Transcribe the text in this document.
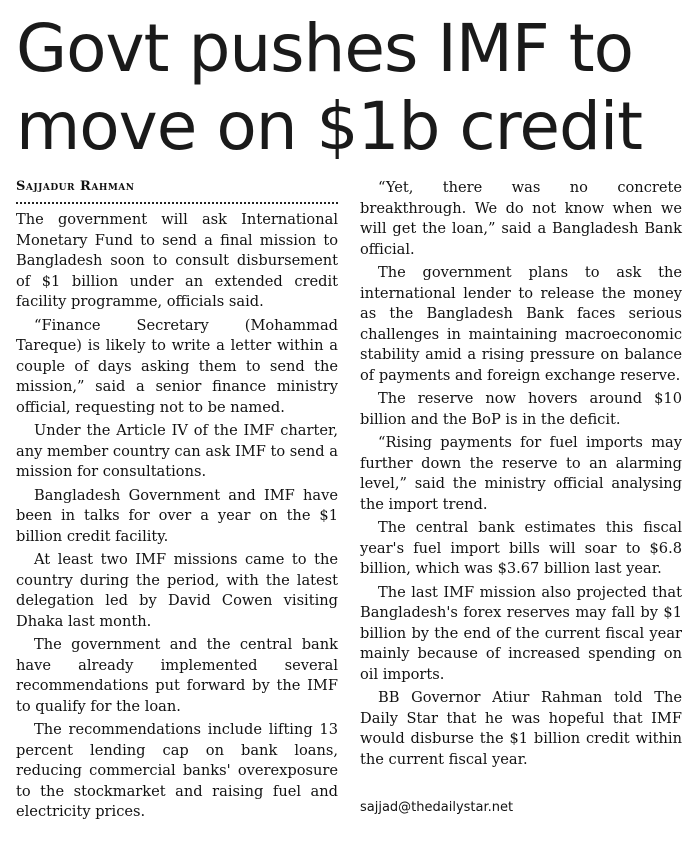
Govt pushes IMF to move on $1b credit
Sajjadur Rahman

The government will ask International Monetary Fund to send a final mission to Bangladesh soon to consult disbursement of $1 billion under an extended credit facility programme, officials said.

“Finance Secretary (Mohammad Tareque) is likely to write a letter within a couple of days asking them to send the mission,” said a senior finance ministry official, requesting not to be named.

Under the Article IV of the IMF charter, any member country can ask IMF to send a mission for consultations.

Bangladesh Government and IMF have been in talks for over a year on the $1 billion credit facility.

At least two IMF missions came to the country during the period, with the latest delegation led by David Cowen visiting Dhaka last month.

The government and the central bank have already implemented several recommendations put forward by the IMF to qualify for the loan.

The recommendations include lifting 13 percent lending cap on bank loans, reducing commercial banks' overexposure to the stockmarket and raising fuel and electricity prices.

“Yet, there was no concrete breakthrough. We do not know when we will get the loan,” said a Bangladesh Bank official.

The government plans to ask the international lender to release the money as the Bangladesh Bank faces serious challenges in maintaining macroeconomic stability amid a rising pressure on balance of payments and foreign exchange reserve.

The reserve now hovers around $10 billion and the BoP is in the deficit.

“Rising payments for fuel imports may further down the reserve to an alarming level,” said the ministry official analysing the import trend.

The central bank estimates this fiscal year's fuel import bills will soar to $6.8 billion, which was $3.67 billion last year.

The last IMF mission also projected that Bangladesh's forex reserves may fall by $1 billion by the end of the current fiscal year mainly because of increased spending on oil imports.

BB Governor Atiur Rahman told The Daily Star that he was hopeful that IMF would disburse the $1 billion credit within the current fiscal year.

sajjad@thedailystar.net
